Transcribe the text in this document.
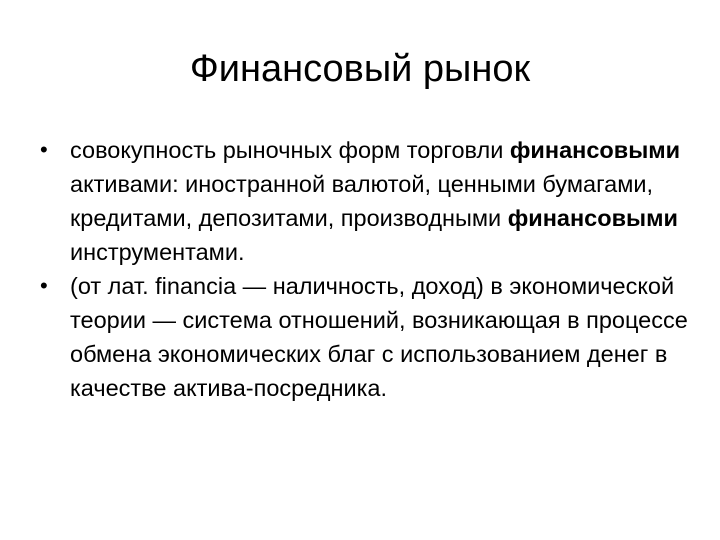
Финансовый рынок
• совокупность рыночных форм торговли финансовыми активами: иностранной валютой, ценными бумагами, кредитами, депозитами, производными финансовыми инструментами.
• (от лат. financia — наличность, доход) в экономической теории — система отношений, возникающая в процессе обмена экономических благ с использованием денег в качестве актива-посредника.
